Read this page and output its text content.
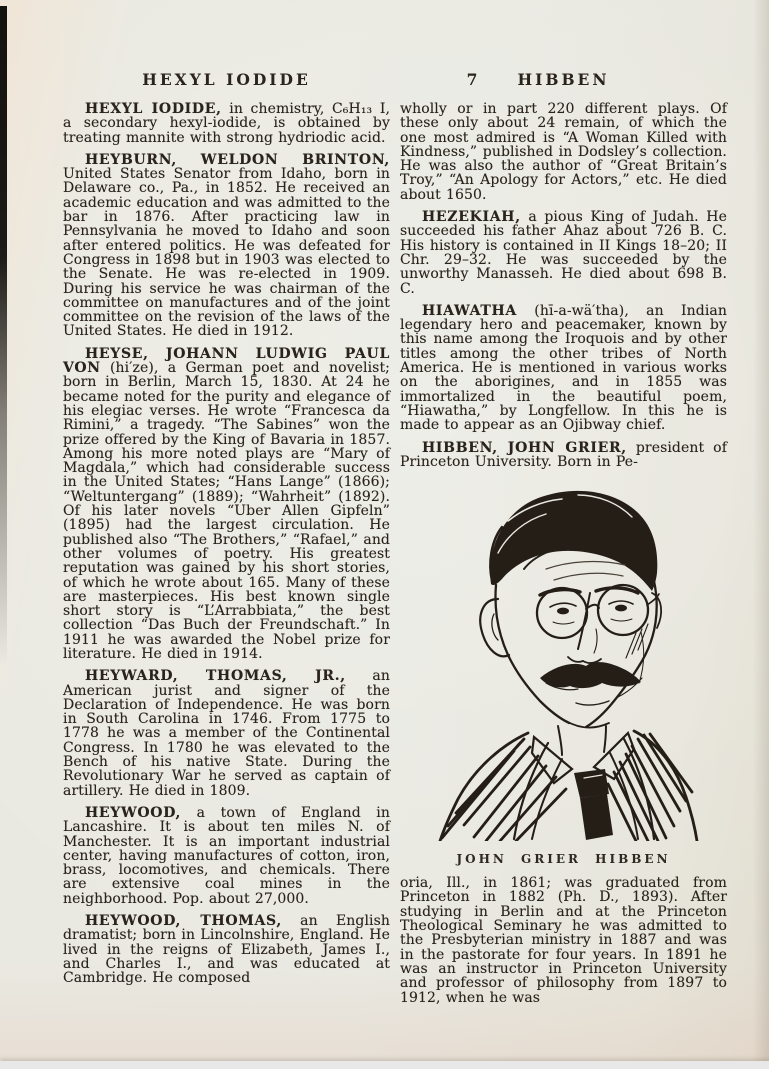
HEXYL IODIDE	7	HIBBEN

HEXYL IODIDE, in chemistry, C₆H₁₃ I, a secondary hexyl-iodide, is obtained by treating mannite with strong hydriodic acid.

HEYBURN, WELDON BRINTON, United States Senator from Idaho, born in Delaware co., Pa., in 1852. He received an academic education and was admitted to the bar in 1876. After practicing law in Pennsylvania he moved to Idaho and soon after entered politics. He was defeated for Congress in 1898 but in 1903 was elected to the Senate. He was re-elected in 1909. During his service he was chairman of the committee on manufactures and of the joint committee on the revision of the laws of the United States. He died in 1912.

HEYSE, JOHANN LUDWIG PAUL VON (hi′ze), a German poet and novelist; born in Berlin, March 15, 1830. At 24 he became noted for the purity and elegance of his elegiac verses. He wrote “Francesca da Rimini,” a tragedy. “The Sabines” won the prize offered by the King of Bavaria in 1857. Among his more noted plays are “Mary of Magdala,” which had considerable success in the United States; “Hans Lange” (1866); “Weltuntergang” (1889); “Wahrheit” (1892). Of his later novels “Uber Allen Gipfeln” (1895) had the largest circulation. He published also “The Brothers,” “Rafael,” and other volumes of poetry. His greatest reputation was gained by his short stories, of which he wrote about 165. Many of these are masterpieces. His best known single short story is “L’Arrabbiata,” the best collection “Das Buch der Freundschaft.” In 1911 he was awarded the Nobel prize for literature. He died in 1914.

HEYWARD, THOMAS, JR., an American jurist and signer of the Declaration of Independence. He was born in South Carolina in 1746. From 1775 to 1778 he was a member of the Continental Congress. In 1780 he was elevated to the Bench of his native State. During the Revolutionary War he served as captain of artillery. He died in 1809.

HEYWOOD, a town of England in Lancashire. It is about ten miles N. of Manchester. It is an important industrial center, having manufactures of cotton, iron, brass, locomotives, and chemicals. There are extensive coal mines in the neighborhood. Pop. about 27,000.

HEYWOOD, THOMAS, an English dramatist; born in Lincolnshire, England. He lived in the reigns of Elizabeth, James I., and Charles I., and was educated at Cambridge. He composed

wholly or in part 220 different plays. Of these only about 24 remain, of which the one most admired is “A Woman Killed with Kindness,” published in Dodsley’s collection. He was also the author of “Great Britain’s Troy,” “An Apology for Actors,” etc. He died about 1650.

HEZEKIAH, a pious King of Judah. He succeeded his father Ahaz about 726 B. C. His history is contained in II Kings 18–20; II Chr. 29–32. He was succeeded by the unworthy Manasseh. He died about 698 B. C.

HIAWATHA (hī-a-wä′tha), an Indian legendary hero and peacemaker, known by this name among the Iroquois and by other titles among the other tribes of North America. He is mentioned in various works on the aborigines, and in 1855 was immortalized in the beautiful poem, “Hiawatha,” by Longfellow. In this he is made to appear as an Ojibway chief.

HIBBEN, JOHN GRIER, president of Princeton University. Born in Pe-

JOHN GRIER HIBBEN

oria, Ill., in 1861; was graduated from Princeton in 1882 (Ph. D., 1893). After studying in Berlin and at the Princeton Theological Seminary he was admitted to the Presbyterian ministry in 1887 and was in the pastorate for four years. In 1891 he was an instructor in Princeton University and professor of philosophy from 1897 to 1912, when he was
